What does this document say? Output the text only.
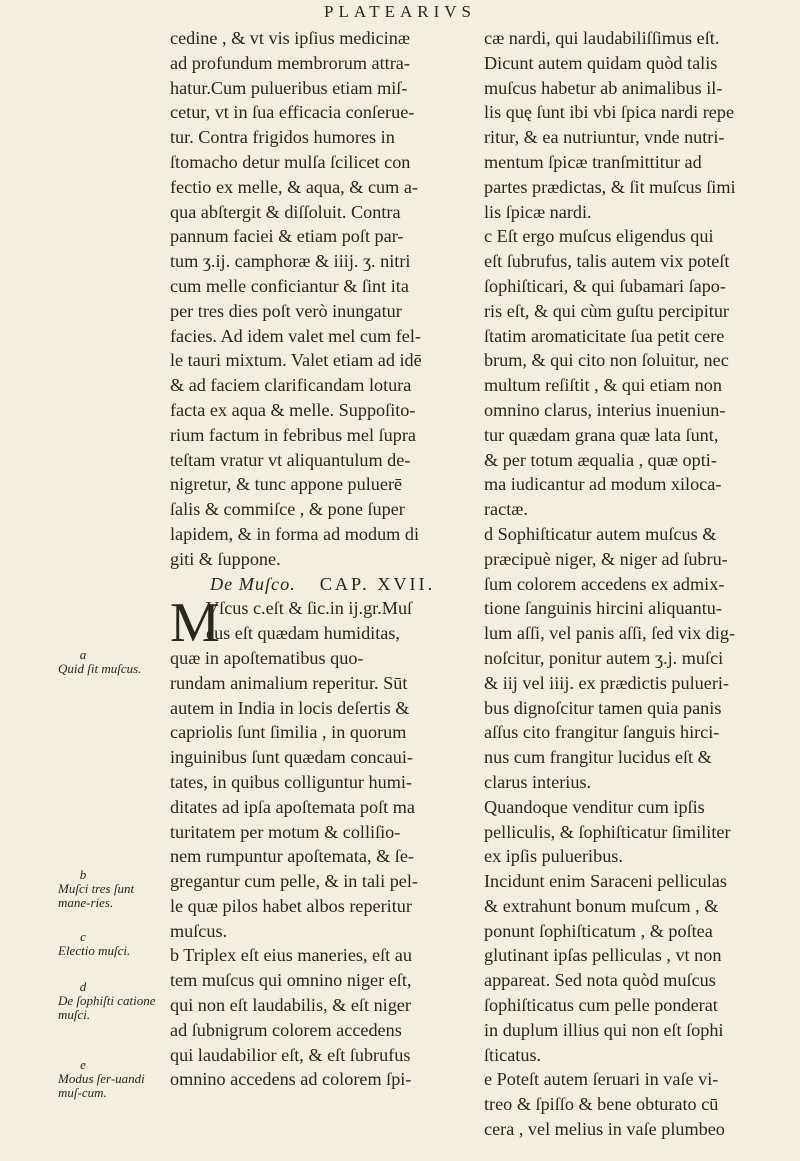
PLATEARIVS
cedine , & vt vis ipſius medicinæ
ad profundum membrorum attra-
hatur.Cum pulueribus etiam miſ-
cetur, vt in ſua efficacia conſerue-
tur. Contra frigidos humores in
ſtomacho detur mulſa ſcilicet con
fectio ex melle, & aqua, & cum a-
qua abſtergit & diſſoluit. Contra
pannum faciei & etiam poſt par-
tum ʒ.ij. camphoræ & iiij. ʒ. nitri
cum melle conficiantur & ſint ita
per tres dies poſt verò inungatur
facies. Ad idem valet mel cum fel-
le tauri mixtum. Valet etiam ad idē
& ad faciem clarificandam lotura
facta ex aqua & melle. Suppoſito-
rium factum in febribus mel ſupra
teſtam vratur vt aliquantulum de-
nigretur, & tunc appone puluerē
ſalis & commiſce , & pone ſuper
lapidem, & in forma ad modum di
giti & ſuppone.
De Muſco. CAP. XVII.
M
Vſcus c.eſt & ſic.in ij.gr.Muſ
cus eſt quædam humiditas,
quæ in apoſtematibus quo-
rundam animalium reperitur. Sūt
autem in India in locis deſertis &
capriolis ſunt ſimilia , in quorum
inguinibus ſunt quædam concaui-
tates, in quibus colliguntur humi-
ditates ad ipſa apoſtemata poſt ma
turitatem per motum & colliſio-
nem rumpuntur apoſtemata, & ſe-
gregantur cum pelle, & in tali pel-
le quæ pilos habet albos reperitur
muſcus.
b Triplex eſt eius maneries, eſt au
tem muſcus qui omnino niger eſt,
qui non eſt laudabilis, & eſt niger
ad ſubnigrum colorem accedens
qui laudabilior eſt, & eſt ſubrufus
omnino accedens ad colorem ſpi-
cæ nardi, qui laudabiliſſimus eſt.
Dicunt autem quidam quòd talis
muſcus habetur ab animalibus il-
lis quę ſunt ibi vbi ſpica nardi repe
ritur, & ea nutriuntur, vnde nutri-
mentum ſpicæ tranſmittitur ad
partes prædictas, & ſit muſcus ſimi
lis ſpicæ nardi.
c Eſt ergo muſcus eligendus qui
eſt ſubrufus, talis autem vix poteſt
ſophiſticari, & qui ſubamari ſapo-
ris eſt, & qui cùm guſtu percipitur
ſtatim aromaticitate ſua petit cere
brum, & qui cito non ſoluitur, nec
multum reſiſtit , & qui etiam non
omnino clarus, interius inueniun-
tur quædam grana quæ lata ſunt,
& per totum æqualia , quæ opti-
ma iudicantur ad modum xiloca-
ractæ.
d Sophiſticatur autem muſcus &
præcipuè niger, & niger ad ſubru-
ſum colorem accedens ex admix-
tione ſanguinis hircini aliquantu-
lum aſſi, vel panis aſſi, ſed vix dig-
noſcitur, ponitur autem ʒ.j. muſci
& iij vel iiij. ex prædictis pulueri-
bus dignoſcitur tamen quia panis
aſſus cito frangitur ſanguis hirci-
nus cum frangitur lucidus eſt &
clarus interius.
Quandoque venditur cum ipſis
pelliculis, & ſophiſticatur ſimiliter
ex ipſis pulueribus.
Incidunt enim Saraceni pelliculas
& extrahunt bonum muſcum , &
ponunt ſophiſticatum , & poſtea
glutinant ipſas pelliculas , vt non
appareat. Sed nota quòd muſcus
ſophiſticatus cum pelle ponderat
in duplum illius qui non eſt ſophi
ſticatus.
e Poteſt autem ſeruari in vaſe vi-
treo & ſpiſſo & bene obturato cū
cera , vel melius in vaſe plumbeo
a
Quid ſit muſcus.
b
Muſci tres ſunt mane-ries.
c
Electio muſci.
d
De ſophiſti catione muſci.
e
Modus ſer-uandi muſ-cum.
